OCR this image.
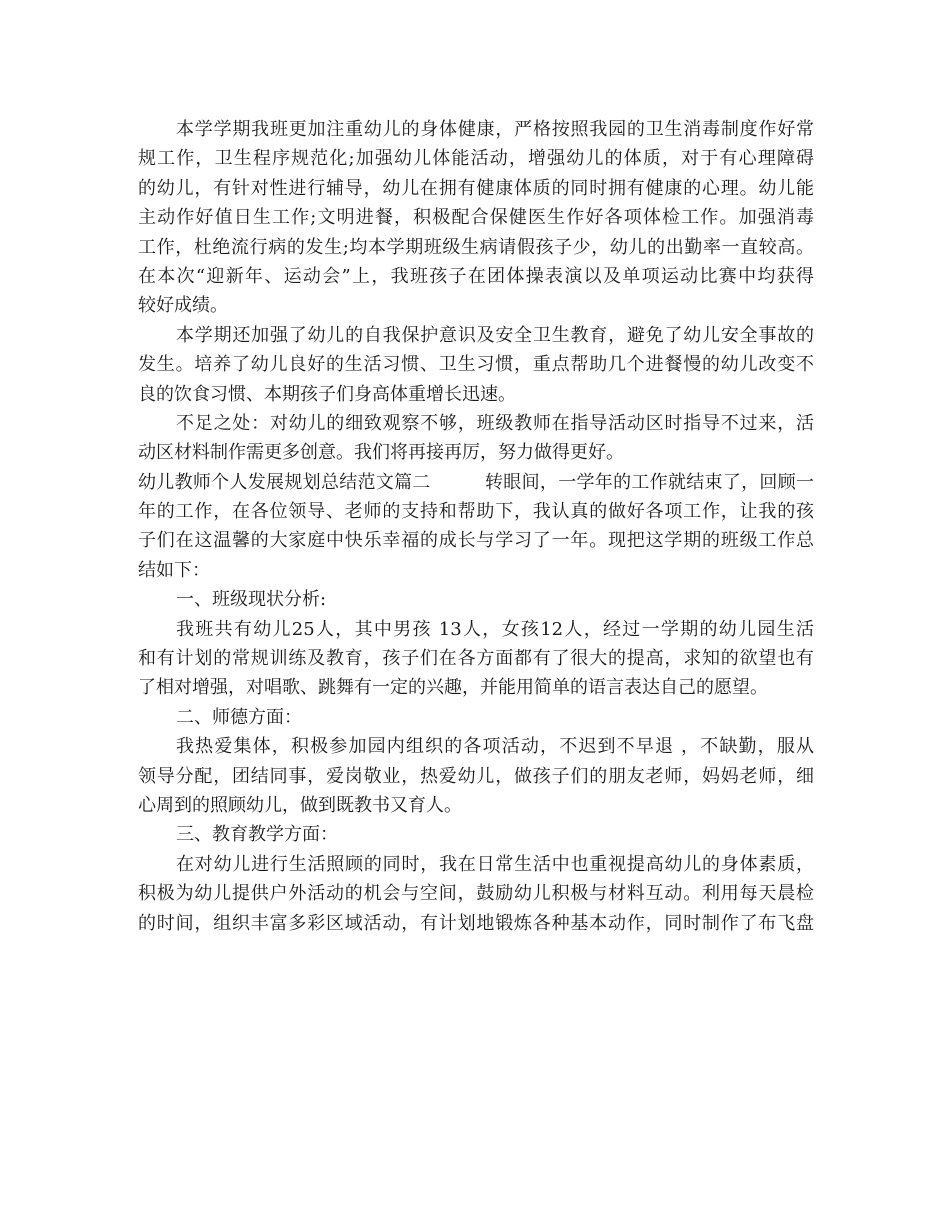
本学学期我班更加注重幼儿的身体健康，严格按照我园的卫生消毒制度作好常
规工作，卫生程序规范化;加强幼儿体能活动，增强幼儿的体质，对于有心理障碍
的幼儿，有针对性进行辅导，幼儿在拥有健康体质的同时拥有健康的心理。幼儿能
主动作好值日生工作;文明进餐，积极配合保健医生作好各项体检工作。加强消毒
工作，杜绝流行病的发生;均本学期班级生病请假孩子少，幼儿的出勤率一直较高。
在本次“迎新年、运动会”上，我班孩子在团体操表演以及单项运动比赛中均获得
较好成绩。
本学期还加强了幼儿的自我保护意识及安全卫生教育，避免了幼儿安全事故的
发生。培养了幼儿良好的生活习惯、卫生习惯，重点帮助几个进餐慢的幼儿改变不
良的饮食习惯、本期孩子们身高体重增长迅速。
不足之处：对幼儿的细致观察不够，班级教师在指导活动区时指导不过来，活
动区材料制作需更多创意。我们将再接再厉，努力做得更好。
幼儿教师个人发展规划总结范文篇二	转眼间，一学年的工作就结束了，回顾一
年的工作，在各位领导、老师的支持和帮助下，我认真的做好各项工作，让我的孩
子们在这温馨的大家庭中快乐幸福的成长与学习了一年。现把这学期的班级工作总
结如下：
一、班级现状分析:
我班共有幼儿25人，其中男孩 13人，女孩12人，经过一学期的幼儿园生活
和有计划的常规训练及教育，孩子们在各方面都有了很大的提高，求知的欲望也有
了相对增强，对唱歌、跳舞有一定的兴趣，并能用简单的语言表达自己的愿望。
二、师德方面：
我热爱集体，积极参加园内组织的各项活动，不迟到不早退 ，不缺勤，服从
领导分配，团结同事，爱岗敬业，热爱幼儿，做孩子们的朋友老师，妈妈老师，细
心周到的照顾幼儿，做到既教书又育人。
三、教育教学方面：
在对幼儿进行生活照顾的同时，我在日常生活中也重视提高幼儿的身体素质，
积极为幼儿提供户外活动的机会与空间，鼓励幼儿积极与材料互动。利用每天晨检
的时间，组织丰富多彩区域活动，有计划地锻炼各种基本动作，同时制作了布飞盘
